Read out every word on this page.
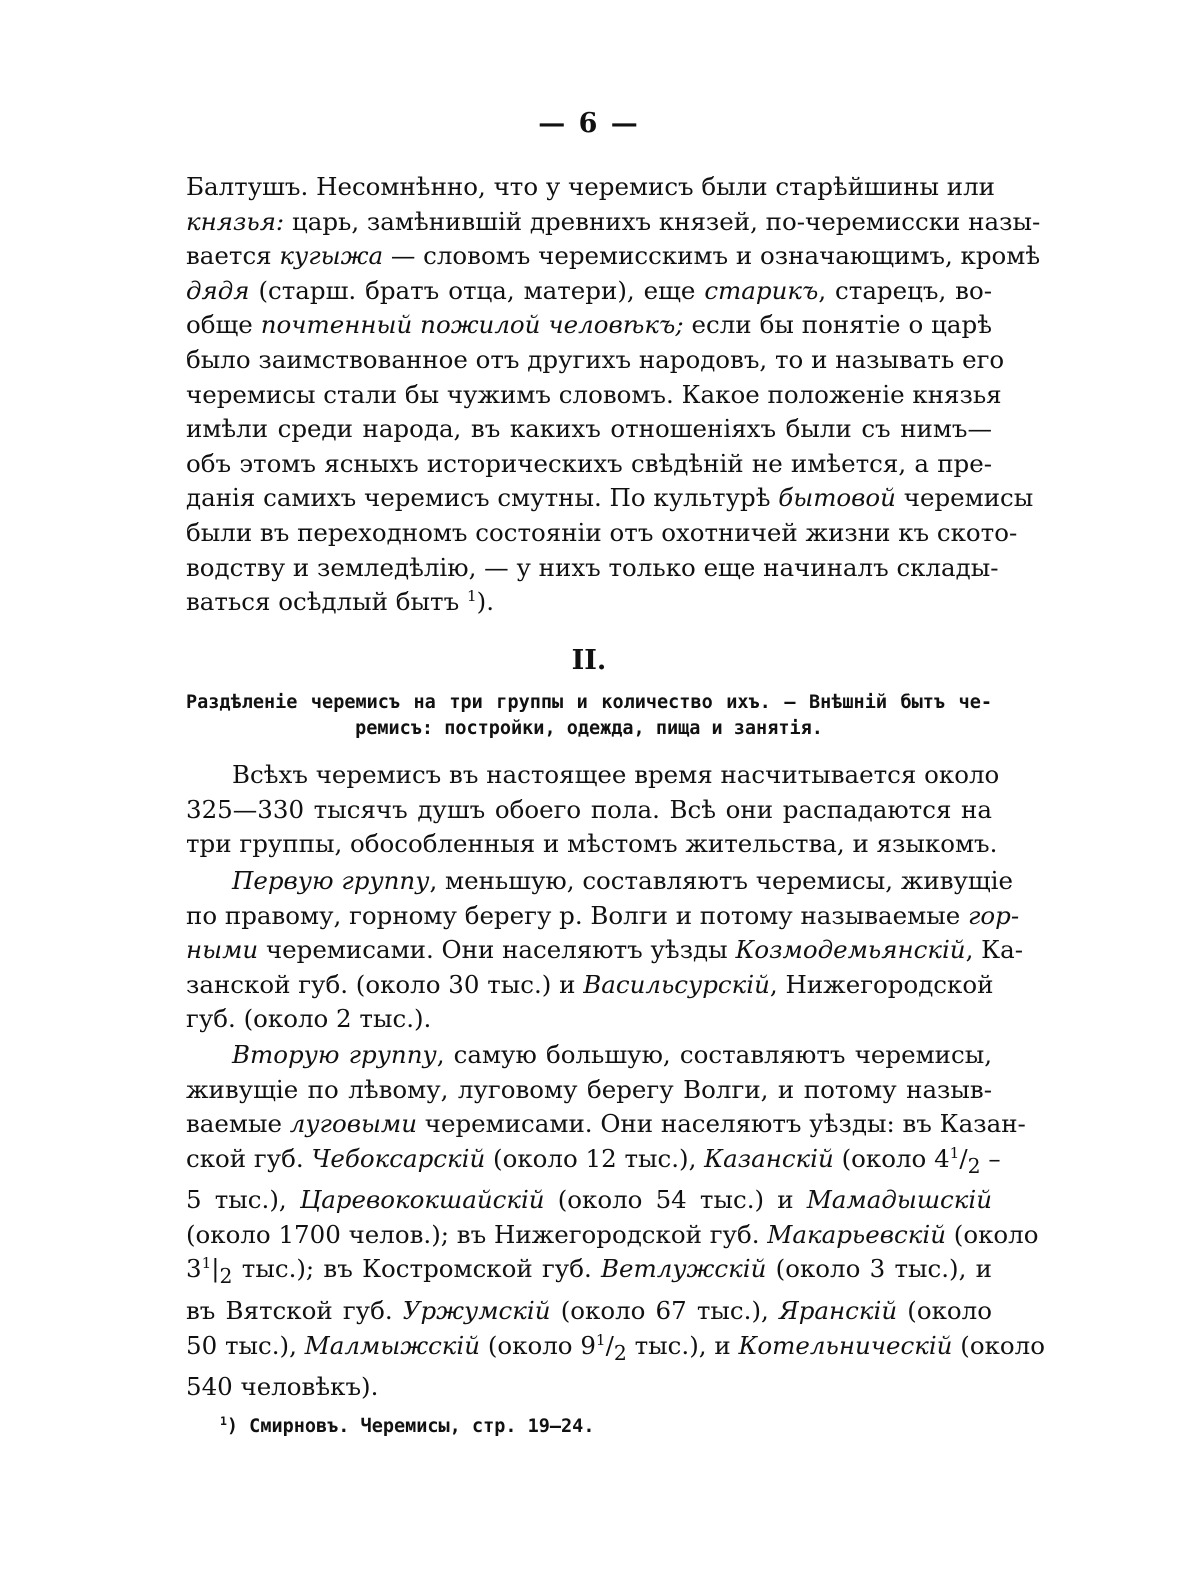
— 6 —
Балтушъ. Несомнѣнно, что у черемисъ были старѣйшины или
князья: царь, замѣнившій древнихъ князей, по-черемисски назы-
вается кугыжа — словомъ черемисскимъ и означающимъ, кромѣ
дядя (старш. братъ отца, матери), еще старикъ, старецъ, во-
обще почтенный пожилой человѣкъ; если бы понятіе о царѣ
было заимствованное отъ другихъ народовъ, то и называть его
черемисы стали бы чужимъ словомъ. Какое положеніе князья
имѣли среди народа, въ какихъ отношеніяхъ были съ нимъ—
объ этомъ ясныхъ историческихъ свѣдѣній не имѣется, а пре-
данія самихъ черемисъ смутны. По культурѣ бытовой черемисы
были въ переходномъ состояніи отъ охотничей жизни къ ското-
водству и земледѣлію, — у нихъ только еще начиналъ склады-
ваться осѣдлый бытъ $^1$).
II.
Раздѣленіе черемисъ на три группы и количество ихъ. — Внѣшній бытъ че-
ремисъ: постройки, одежда, пища и занятія.
Всѣхъ черемисъ въ настоящее время насчитывается около
325—330 тысячъ душъ обоего пола. Всѣ они распадаются на
три группы, обособленныя и мѣстомъ жительства, и языкомъ.
Первую группу, меньшую, составляютъ черемисы, живущіе
по правому, горному берегу р. Волги и потому называемые гор-
ными черемисами. Они населяютъ уѣзды Козмодемьянскій, Ка-
занской губ. (около 30 тыс.) и Васильсурскій, Нижегородской
губ. (около 2 тыс.).
Вторую группу, самую большую, составляютъ черемисы,
живущіе по лѣвому, луговому берегу Волги, и потому назыв-
ваемые луговыми черемисами. Они населяютъ уѣзды: въ Казан-
ской губ. Чебоксарскій (около 12 тыс.), Казанскій (около $4^1/_2$ –
5 тыс.), Царевококшайскій (около 54 тыс.) и Мамадышскій
(около 1700 челов.); въ Нижегородской губ. Макарьевскій (около
$3^1|_2$ тыс.); въ Костромской губ. Ветлужскій (около 3 тыс.), и
въ Вятской губ. Уржумскій (около 67 тыс.), Яранскій (около
50 тыс.), Малмыжскій (около $9^1/_2$ тыс.), и Котельническій (около
540 человѣкъ).
$^1$) Смирновъ. Черемисы, стр. 19—24.
